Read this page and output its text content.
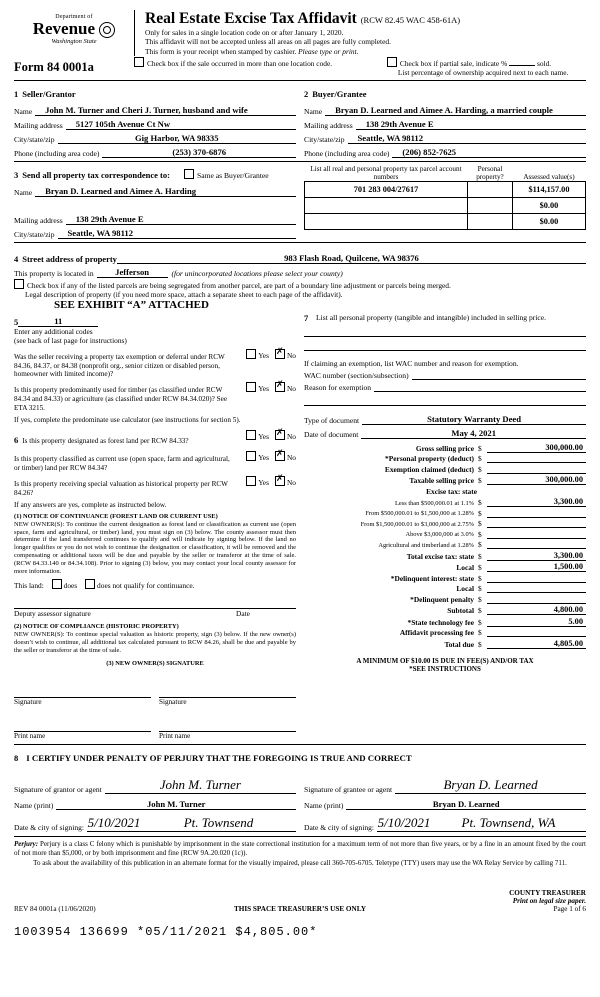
Department of
Revenue
Washington State
Real Estate Excise Tax Affidavit (RCW 82.45 WAC 458-61A)
Only for sales in a single location code on or after January 1, 2020.
This affidavit will not be accepted unless all areas on all pages are fully completed.
This form is your receipt when stamped by cashier. Please type or print.
Form 84 0001a	Check box if the sale occurred in more than one location code.	Check box if partial sale, indicate %	sold.
List percentage of ownership acquired next to each name.
1 Seller/Grantor
Name	John M. Turner and Cheri J. Turner, husband and wife
Mailing address	5127 105th Avenue Ct Nw
City/state/zip	Gig Harbor, WA 98335
Phone (including area code)	(253) 370-6876
2 Buyer/Grantee
Name	Bryan D. Learned and Aimee A. Harding, a married couple
Mailing address	138 29th Avenue E
City/state/zip	Seattle, WA 98112
Phone (including area code)	(206) 852-7625
3 Send all property tax correspondence to:	Same as Buyer/Grantee
Name	Bryan D. Learned and Aimee A. Harding
Mailing address	138 29th Avenue E
City/state/zip	Seattle, WA 98112
List all real and personal property tax parcel account numbers	Personal property?	Assessed value(s)
701 283 004/27617		$114,157.00
		$0.00
		$0.00
4
Street address of property	983 Flash Road, Quilcene, WA 98376
This property is located in	Jefferson	(for unincorporated locations please select your county)
Check box if any of the listed parcels are being segregated from another parcel, are part of a boundary line adjustment or parcels being merged.
Legal description of property (if you need more space, attach a separate sheet to each page of the affidavit).
SEE EXHIBIT “A” ATTACHED
5	11
Enter any additional codes
(see back of last page for instructions)
Was the seller receiving a property tax exemption or deferral under RCW 84.36, 84.37, or 84.38 (nonprofit org., senior citizen or disabled person, homeowner with limited income)?
Yes ✗ No
Is this property predominantly used for timber (as classified under RCW 84.34 and 84.33) or agriculture (as classified under RCW 84.34.020)? See ETA 3215.
Yes ✗ No
If yes, complete the predominate use calculator (see instructions for section 5).
6 Is this property designated as forest land per RCW 84.33?	Yes ✗ No
Is this property classified as current use (open space, farm and agricultural, or timber) land per RCW 84.34?
Yes ✗ No
Is this property receiving special valuation as historical property per RCW 84.26?
Yes ✗ No
If any answers are yes, complete as instructed below.
(1) NOTICE OF CONTINUANCE (FOREST LAND OR CURRENT USE)
NEW OWNER(S): To continue the current designation as forest land or classification as current use (open space, farm and agricultural, or timber) land, you must sign on (3) below. The county assessor must then determine if the land transferred continues to qualify and will indicate by signing below. If the land no longer qualifies or you do not wish to continue the designation or classification, it will be removed and the compensating or additional taxes will be due and payable by the seller or transferor at the time of sale. (RCW 84.33.140 or 84.34.108). Prior to signing (3) below, you may contact your local county assessor for more information.
This land:	does	does not qualify for continuance.
Deputy assessor signature	Date
(2) NOTICE OF COMPLIANCE (HISTORIC PROPERTY)
NEW OWNER(S): To continue special valuation as historic property, sign (3) below. If the new owner(s) doesn’t wish to continue, all additional tax calculated pursuant to RCW 84.26, shall be due and payable by the seller or transferor at the time of sale.
(3) NEW OWNER(S) SIGNATURE
Signature	Signature
Print name	Print name
7	List all personal property (tangible and intangible) included in selling price.
If claiming an exemption, list WAC number and reason for exemption.
WAC number (section/subsection)
Reason for exemption
Type of document	Statutory Warranty Deed
Date of document	May 4, 2021
Gross selling price $	300,000.00
*Personal property (deduct) $
Exemption claimed (deduct) $
Taxable selling price $	300,000.00
Excise tax: state
Less than $500,000.01 at 1.1% $	3,300.00
From $500,000.01 to $1,500,000 at 1.28% $
From $1,500,000.01 to $3,000,000 at 2.75% $
Above $3,000,000 at 3.0% $
Agricultural and timberland at 1.28% $
Total excise tax: state $	3,300.00
Local $	1,500.00
*Delinquent interest: state $
Local $
*Delinquent penalty $
Subtotal $	4,800.00
*State technology fee $	5.00
Affidavit processing fee $
Total due $	4,805.00
A MINIMUM OF $10.00 IS DUE IN FEE(S) AND/OR TAX
*SEE INSTRUCTIONS
8 I CERTIFY UNDER PENALTY OF PERJURY THAT THE FOREGOING IS TRUE AND CORRECT
Signature of grantor or agent	John M. Turner	Signature of grantee or agent	Bryan D. Learned
Name (print)	John M. Turner	Name (print)	Bryan D. Learned
Date & city of signing: 5/10/2021	Pt. Townsend	Date & city of signing: 5/10/2021	Pt. Townsend, WA
Perjury: Perjury is a class C felony which is punishable by imprisonment in the state correctional institution for a maximum term of not more than five years, or by a fine in an amount fixed by the court of not more than $5,000, or by both imprisonment and fine (RCW 9A.20.020 (1c)).
To ask about the availability of this publication in an alternate format for the visually impaired, please call 360-705-6705. Teletype (TTY) users may use the WA Relay Service by calling 711.
REV 84 0001a (11/06/2020)	THIS SPACE TREASURER’S USE ONLY
COUNTY TREASURER
Print on legal size paper.
Page 1 of 6
1003954 136699 *05/11/2021 $4,805.00*
